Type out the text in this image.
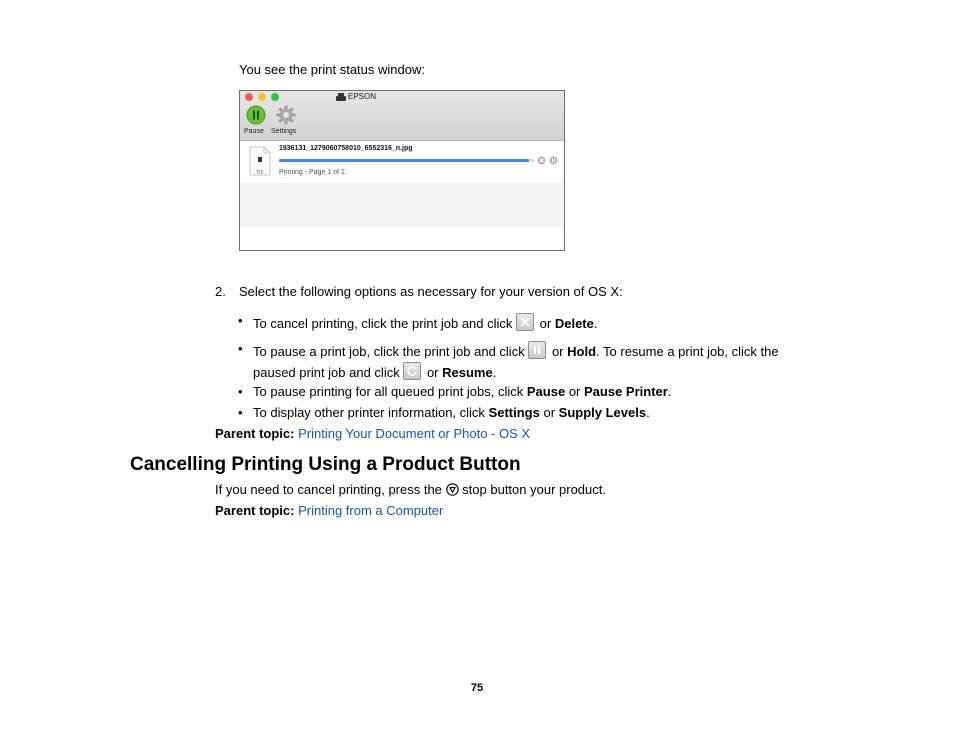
You see the print status window:
EPSON
Pause Settings
TIF
1936131_1279060758010_6552316_n.jpg
Printing - Page 1 of 1.
2. Select the following options as necessary for your version of OS X:
• To cancel printing, click the print job and click or Delete.
• To pause a print job, click the print job and click or Hold. To resume a print job, click the
paused print job and click or Resume.
• To pause printing for all queued print jobs, click Pause or Pause Printer.
• To display other printer information, click Settings or Supply Levels.
Parent topic: Printing Your Document or Photo - OS X
Cancelling Printing Using a Product Button
If you need to cancel printing, press the stop button your product.
Parent topic: Printing from a Computer
75
